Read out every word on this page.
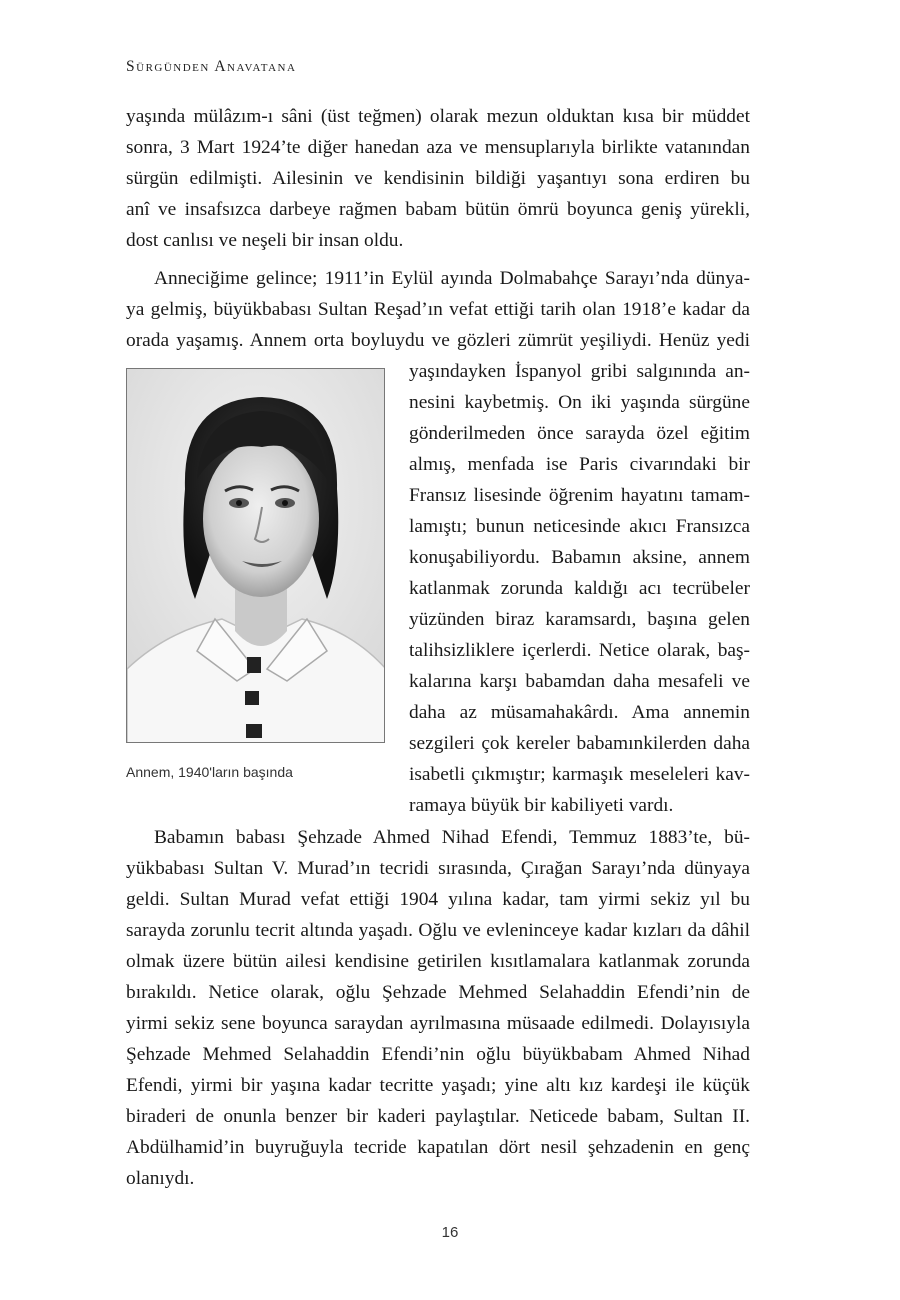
Sürgünden Anavatana
yaşında mülâzım-ı sâni (üst teğmen) olarak mezun olduktan kısa bir müddet
sonra, 3 Mart 1924’te diğer hanedan aza ve mensuplarıyla birlikte vatanından
sürgün edilmişti. Ailesinin ve kendisinin bildiği yaşantıyı sona erdiren bu
anî ve insafsızca darbeye rağmen babam bütün ömrü boyunca geniş yürekli,
dost canlısı ve neşeli bir insan oldu.
Anneciğime gelince; 1911’in Eylül ayında Dolmabahçe Sarayı’nda dünya-
ya gelmiş, büyükbabası Sultan Reşad’ın vefat ettiği tarih olan 1918’e kadar da
orada yaşamış. Annem orta boyluydu ve gözleri zümrüt yeşiliydi. Henüz yedi
yaşındayken İspanyol gribi salgınında an-
nesini kaybetmiş. On iki yaşında sürgüne
gönderilmeden önce sarayda özel eğitim
almış, menfada ise Paris civarındaki bir
Fransız lisesinde öğrenim hayatını tamam-
lamıştı; bunun neticesinde akıcı Fransızca
konuşabiliyordu. Babamın aksine, annem
katlanmak zorunda kaldığı acı tecrübeler
yüzünden biraz karamsardı, başına gelen
talihsizliklere içerlerdi. Netice olarak, baş-
kalarına karşı babamdan daha mesafeli ve
daha az müsamahakârdı. Ama annemin
sezgileri çok kereler babamınkilerden daha
isabetli çıkmıştır; karmaşık meseleleri kav-
ramaya büyük bir kabiliyeti vardı.
Annem, 1940'ların başında
Babamın babası Şehzade Ahmed Nihad Efendi, Temmuz 1883’te, bü-
yükbabası Sultan V. Murad’ın tecridi sırasında, Çırağan Sarayı’nda dünyaya
geldi. Sultan Murad vefat ettiği 1904 yılına kadar, tam yirmi sekiz yıl bu
sarayda zorunlu tecrit altında yaşadı. Oğlu ve evleninceye kadar kızları da dâhil
olmak üzere bütün ailesi kendisine getirilen kısıtlamalara katlanmak zorunda
bırakıldı. Netice olarak, oğlu Şehzade Mehmed Selahaddin Efendi’nin de
yirmi sekiz sene boyunca saraydan ayrılmasına müsaade edilmedi. Dolayısıyla
Şehzade Mehmed Selahaddin Efendi’nin oğlu büyükbabam Ahmed Nihad
Efendi, yirmi bir yaşına kadar tecritte yaşadı; yine altı kız kardeşi ile küçük
biraderi de onunla benzer bir kaderi paylaştılar. Neticede babam, Sultan II.
Abdülhamid’in buyruğuyla tecride kapatılan dört nesil şehzadenin en genç
olanıydı.
16
